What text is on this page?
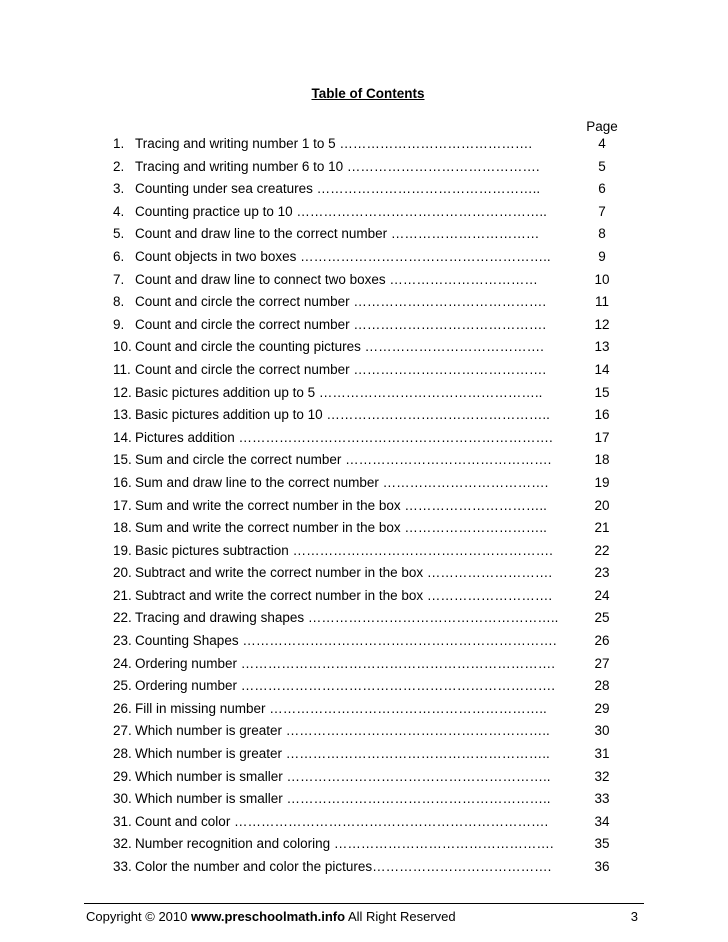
Table of Contents
Page
1. Tracing and writing number 1 to 5 …………………………………….	4
2. Tracing and writing number 6 to 10 …………………………………….	5
3. Counting under sea creatures …………………………………………..	6
4. Counting practice up to 10 ………………………………………………..	7
5. Count and draw line to the correct number ……………………………	8
6. Count objects in two boxes ………………………………………………..	9
7. Count and draw line to connect two boxes ……………………………	10
8. Count and circle the correct number …………………………………….	11
9. Count and circle the correct number …………………………………….	12
10. Count and circle the counting pictures ………………………………….	13
11. Count and circle the correct number …………………………………….	14
12. Basic pictures addition up to 5 …………………………………………..	15
13. Basic pictures addition up to 10 …………………………………………..	16
14. Pictures addition …………………………………………………………….	17
15. Sum and circle the correct number ……………………………………….	18
16. Sum and draw line to the correct number ……………………………….	19
17. Sum and write the correct number in the box …………………………..	20
18. Sum and write the correct number in the box …………………………..	21
19. Basic pictures subtraction ………………………………………………….	22
20. Subtract and write the correct number in the box ……………………….	23
21. Subtract and write the correct number in the box ……………………….	24
22. Tracing and drawing shapes ………………………………………………..	25
23. Counting Shapes …………………………………………………………….	26
24. Ordering number …………………………………………………………….	27
25. Ordering number …………………………………………………………….	28
26. Fill in missing number ……………………………………………………..	29
27. Which number is greater …………………………………………………..	30
28. Which number is greater …………………………………………………..	31
29. Which number is smaller …………………………………………………..	32
30. Which number is smaller …………………………………………………..	33
31. Count and color …………………………………………………………….	34
32. Number recognition and coloring ………………………………………….	35
33. Color the number and color the pictures………………………………….	36
Copyright © 2010 www.preschoolmath.info All Right Reserved	3
